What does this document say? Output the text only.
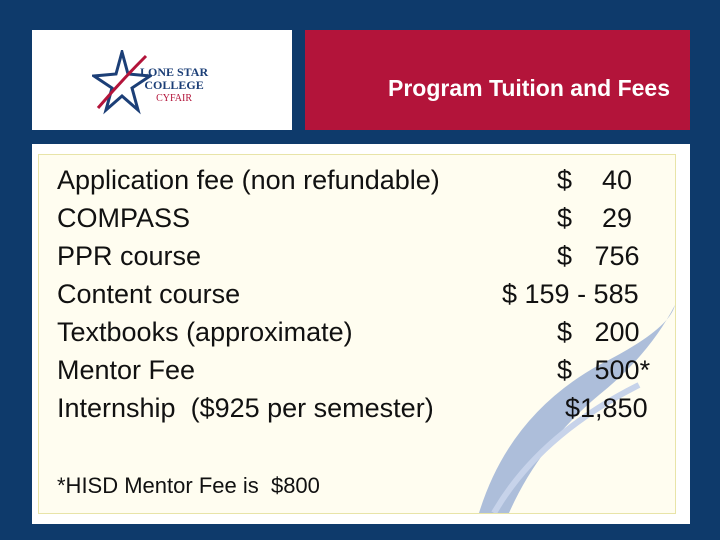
LONE STAR
COLLEGE
CYFAIR	Program Tuition and Fees
Application fee (non refundable)	$    40
COMPASS	$    29
PPR course	$   756
Content course	$ 159 - 585
Textbooks (approximate)	$   200
Mentor Fee	$   500*
Internship  ($925 per semester)	$1,850
*HISD Mentor Fee is  $800
